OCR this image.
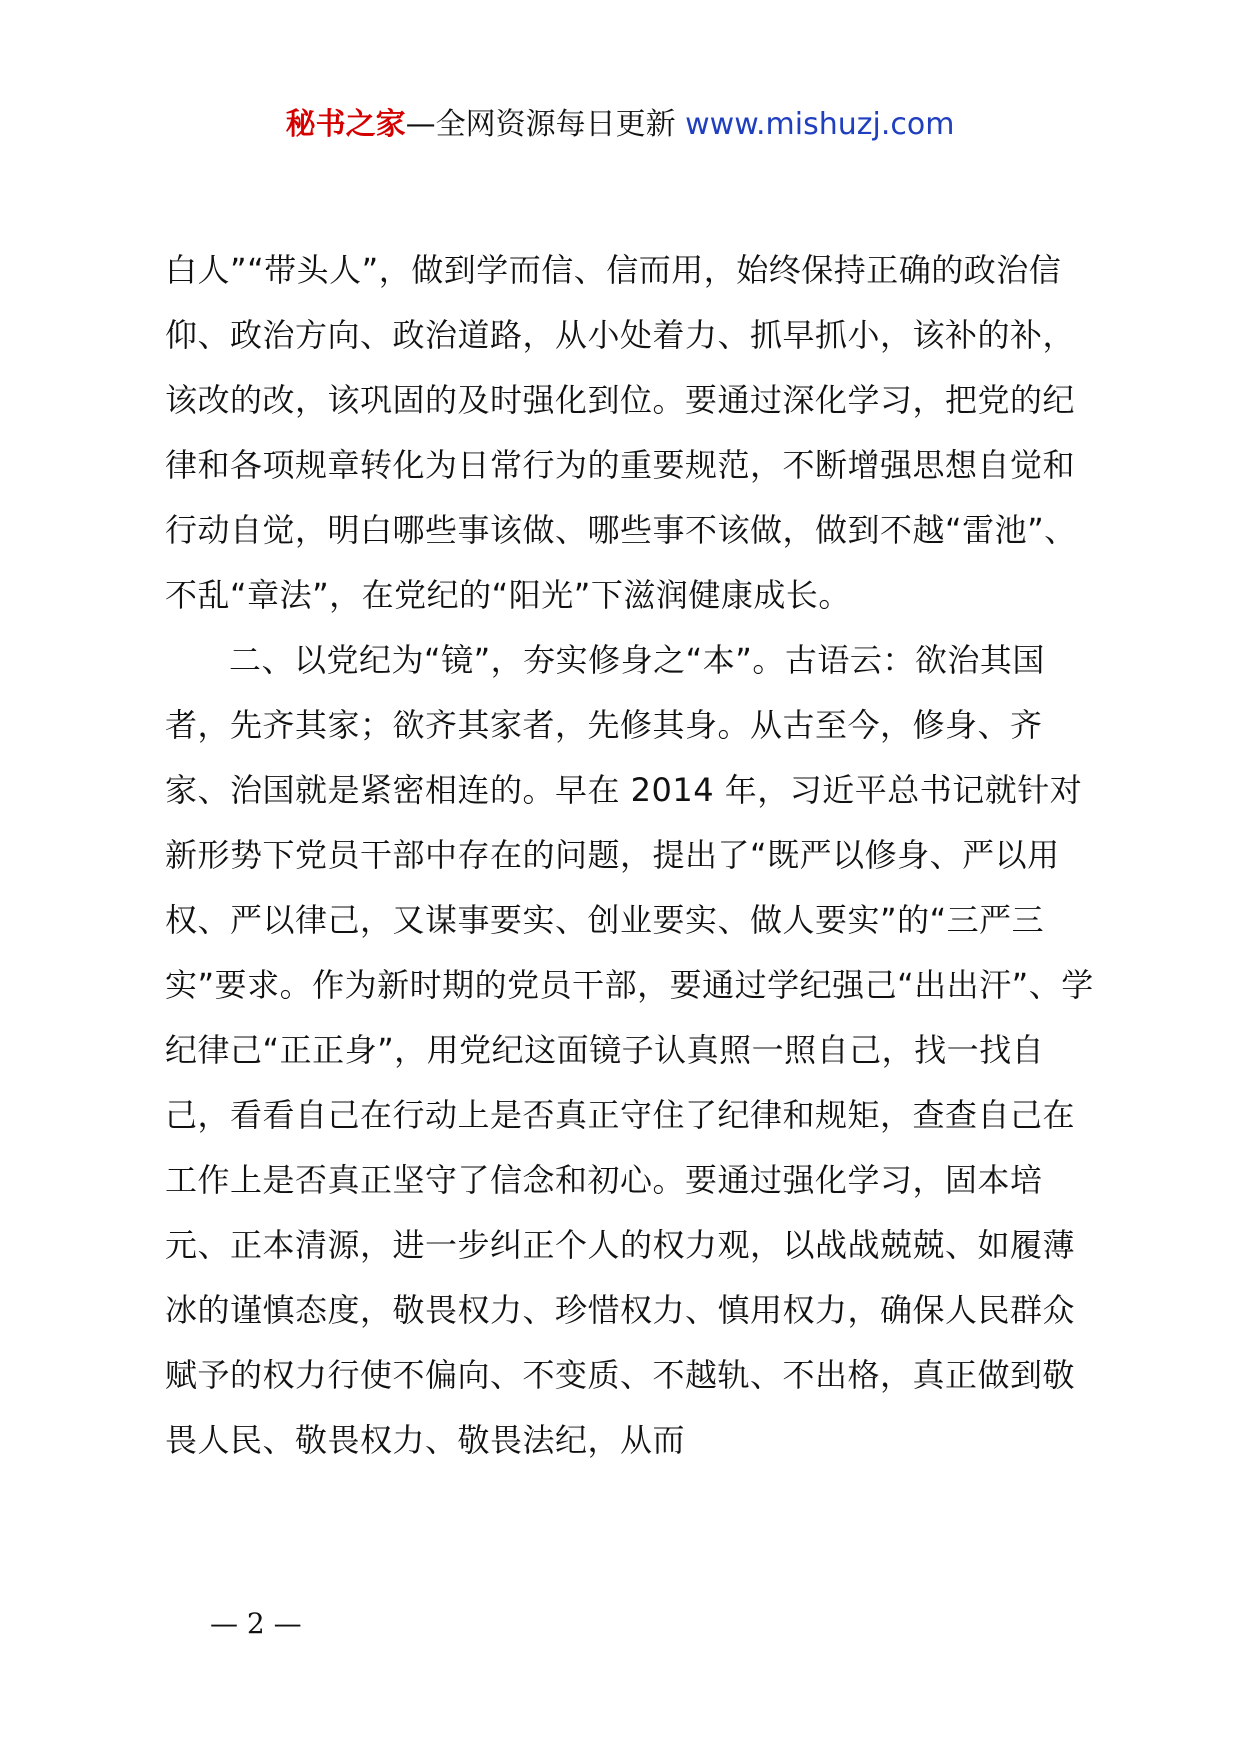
秘书之家—全网资源每日更新 www.mishuzj.com

白人”“带头人”，做到学而信、信而用，始终保持正确的政治信仰、政治方向、政治道路，从小处着力、抓早抓小，该补的补，该改的改，该巩固的及时强化到位。要通过深化学习，把党的纪律和各项规章转化为日常行为的重要规范，不断增强思想自觉和行动自觉，明白哪些事该做、哪些事不该做，做到不越“雷池”、不乱“章法”，在党纪的“阳光”下滋润健康成长。

二、以党纪为“镜”，夯实修身之“本”。古语云：欲治其国者，先齐其家；欲齐其家者，先修其身。从古至今，修身、齐家、治国就是紧密相连的。早在 2014 年，习近平总书记就针对新形势下党员干部中存在的问题，提出了“既严以修身、严以用权、严以律己，又谋事要实、创业要实、做人要实”的“三严三实”要求。作为新时期的党员干部，要通过学纪强己“出出汗”、学纪律己“正正身”，用党纪这面镜子认真照一照自己，找一找自己，看看自己在行动上是否真正守住了纪律和规矩，查查自己在工作上是否真正坚守了信念和初心。要通过强化学习，固本培元、正本清源，进一步纠正个人的权力观，以战战兢兢、如履薄冰的谨慎态度，敬畏权力、珍惜权力、慎用权力，确保人民群众赋予的权力行使不偏向、不变质、不越轨、不出格，真正做到敬畏人民、敬畏权力、敬畏法纪，从而

— 2 —
